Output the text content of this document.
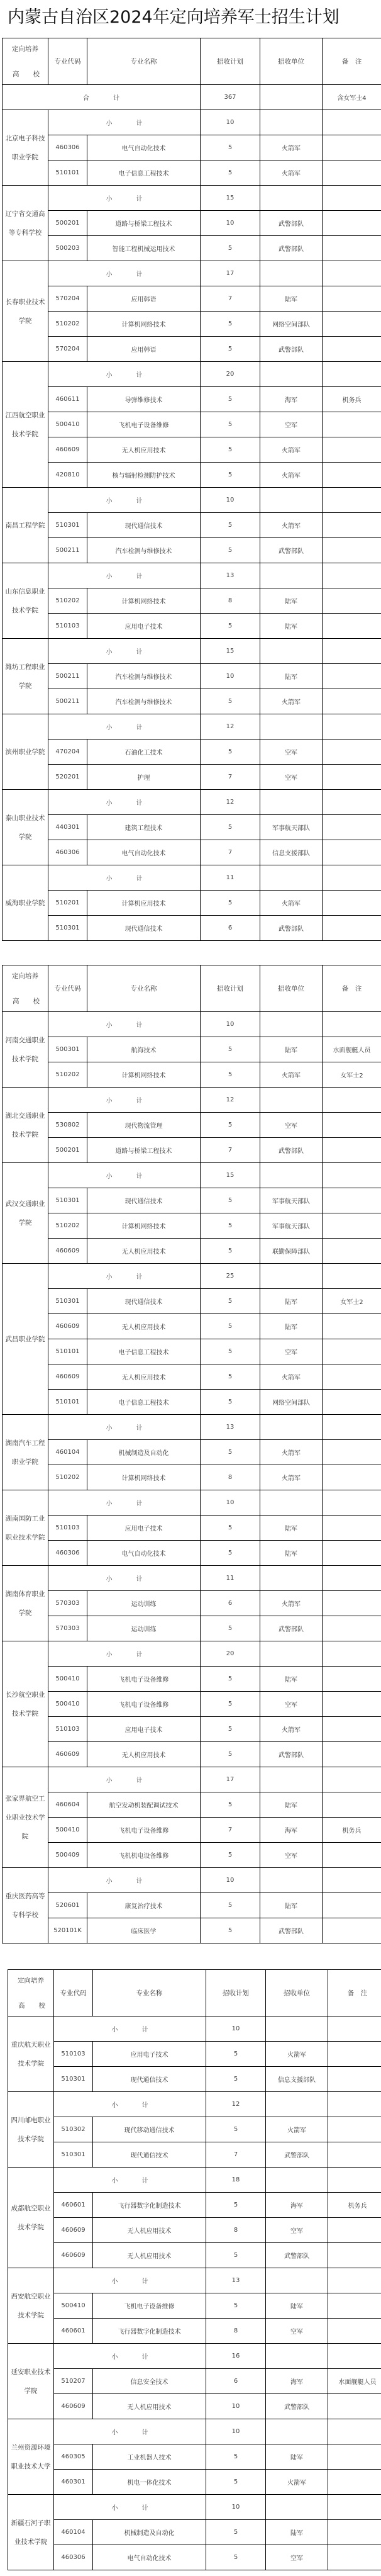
内蒙古自治区2024年定向培养军士招生计划
定向培养

高 校	专业代码	专业名称	招收计划	招收单位	备　注
合 计			367		含女军士4
北京电子科技职业学院	小 计		10		
	460306	电气自动化技术	5	火箭军	
	510101	电子信息工程技术	5	火箭军	
辽宁省交通高等专科学校	小 计		15		
	500201	道路与桥梁工程技术	10	武警部队	
	500203	智能工程机械运用技术	5	武警部队	
长春职业技术学院	小 计		17		
	570204	应用韩语	7	陆军	
	510202	计算机网络技术	5	网络空间部队	
	570204	应用韩语	5	武警部队	
江西航空职业技术学院	小 计		20		
	460611	导弹维修技术	5	海军	机务兵
	500410	飞机电子设备维修	5	空军	
	460609	无人机应用技术	5	火箭军	
	420810	核与辐射检测防护技术	5	火箭军	
南昌工程学院	小 计		10		
	510301	现代通信技术	5	火箭军	
	500211	汽车检测与维修技术	5	武警部队	
山东信息职业技术学院	小 计		13		
	510202	计算机网络技术	8	陆军	
	510103	应用电子技术	5	陆军	
潍坊工程职业学院	小 计		15		
	500211	汽车检测与维修技术	10	陆军	
	500211	汽车检测与维修技术	5	火箭军	
滨州职业学院	小 计		12		
	470204	石油化工技术	5	空军	
	520201	护理	7	空军	
泰山职业技术学院	小 计		12		
	440301	建筑工程技术	5	军事航天部队	
	460306	电气自动化技术	7	信息支援部队	
威海职业学院	小 计		11		
	510201	计算机应用技术	5	火箭军	
	510301	现代通信技术	6	武警部队	
定向培养

高 校	专业代码	专业名称	招收计划	招收单位	备　注
河南交通职业技术学院	小 计		10		
	500301	航海技术	5	陆军	水面舰艇人员
	510202	计算机网络技术	5	火箭军	女军士2
湖北交通职业技术学院	小 计		12		
	530802	现代物流管理	5	空军	
	500201	道路与桥梁工程技术	7	武警部队	
武汉交通职业学院	小 计		15		
	510301	现代通信技术	5	军事航天部队	
	510202	计算机网络技术	5	军事航天部队	
	460609	无人机应用技术	5	联勤保障部队	
武昌职业学院	小 计		25		
	510301	现代通信技术	5	陆军	女军士2
	460609	无人机应用技术	5	陆军	
	510101	电子信息工程技术	5	空军	
	460609	无人机应用技术	5	火箭军	
	510101	电子信息工程技术	5	网络空间部队	
湖南汽车工程职业学院	小 计		13		
	460104	机械制造及自动化	5	火箭军	
	510202	计算机网络技术	8	火箭军	
湖南国防工业职业技术学院	小 计		10		
	510103	应用电子技术	5	陆军	
	460306	电气自动化技术	5	陆军	
湖南体育职业学院	小 计		11		
	570303	运动训练	6	火箭军	
	570303	运动训练	5	武警部队	
长沙航空职业技术学院	小 计		20		
	500410	飞机电子设备维修	5	陆军	
	500410	飞机电子设备维修	5	空军	
	510103	应用电子技术	5	火箭军	
	460609	无人机应用技术	5	武警部队	
张家界航空工业职业技术学院	小 计		17		
	460604	航空发动机装配调试技术	5	陆军	
	500410	飞机电子设备维修	7	海军	机务兵
	500409	飞机机电设备维修	5	空军	
重庆医药高等专科学校	小 计		10		
	520601	康复治疗技术	5	陆军	
	520101K	临床医学	5	武警部队	
定向培养

高 校	专业代码	专业名称	招收计划	招收单位	备　注
重庆航天职业技术学院	小 计		10		
	510103	应用电子技术	5	火箭军	
	510301	现代通信技术	5	信息支援部队	
四川邮电职业技术学院	小 计		12		
	510302	现代移动通信技术	5	火箭军	
	510301	现代通信技术	7	武警部队	
成都航空职业技术学院	小 计		18		
	460601	飞行器数字化制造技术	5	海军	机务兵
	460609	无人机应用技术	8	空军	
	460609	无人机应用技术	5	武警部队	
西安航空职业技术学院	小 计		13		
	500410	飞机电子设备维修	5	陆军	
	460601	飞行器数字化制造技术	8	空军	
延安职业技术学院	小 计		16		
	510207	信息安全技术	6	海军	水面舰艇人员
	460609	无人机应用技术	10	武警部队	
兰州资源环境职业技术大学	小 计		10		
	460305	工业机器人技术	5	陆军	
	460301	机电一体化技术	5	火箭军	
新疆石河子职业技术学院	小 计		10		
	460104	机械制造及自动化	5	陆军	
	460306	电气自动化技术	5	空军	
